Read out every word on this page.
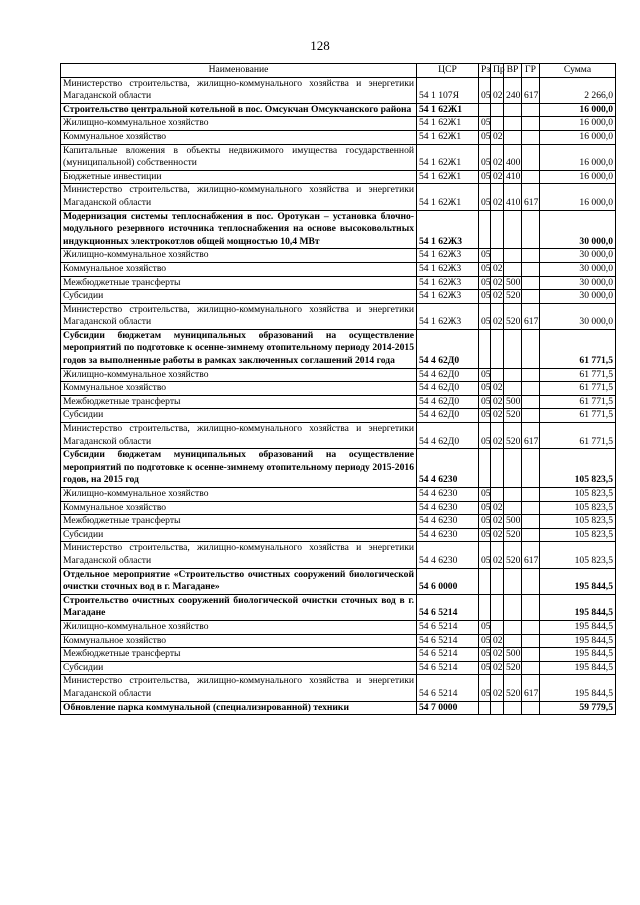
128
Наименование	ЦСР	Рз	Пр	ВР	ГР	Сумма
Министерство строительства, жилищно-коммунального хозяйства и энергетики Магаданской области	54 1 107Я	05	02	240	617	2 266,0
Строительство центральной котельной в пос. Омсукчан Омсукчанского района	54 1 62Ж1					16 000,0
Жилищно-коммунальное хозяйство	54 1 62Ж1	05				16 000,0
Коммунальное хозяйство	54 1 62Ж1	05	02			16 000,0
Капитальные вложения в объекты недвижимого имущества государственной (муниципальной) собственности	54 1 62Ж1	05	02	400		16 000,0
Бюджетные инвестиции	54 1 62Ж1	05	02	410		16 000,0
Министерство строительства, жилищно-коммунального хозяйства и энергетики Магаданской области	54 1 62Ж1	05	02	410	617	16 000,0
Модернизация системы теплоснабжения в пос. Оротукан – установка блочно-модульного резервного источника теплоснабжения на основе высоковольтных индукционных электрокотлов общей мощностью 10,4 МВт	54 1 62Ж3					30 000,0
Жилищно-коммунальное хозяйство	54 1 62Ж3	05				30 000,0
Коммунальное хозяйство	54 1 62Ж3	05	02			30 000,0
Межбюджетные трансферты	54 1 62Ж3	05	02	500		30 000,0
Субсидии	54 1 62Ж3	05	02	520		30 000,0
Министерство строительства, жилищно-коммунального хозяйства и энергетики Магаданской области	54 1 62Ж3	05	02	520	617	30 000,0
Субсидии бюджетам муниципальных образований на осуществление мероприятий по подготовке к осенне-зимнему отопительному периоду 2014-2015 годов за выполненные работы в рамках заключенных соглашений 2014 года	54 4 62Д0					61 771,5
Жилищно-коммунальное хозяйство	54 4 62Д0	05				61 771,5
Коммунальное хозяйство	54 4 62Д0	05	02			61 771,5
Межбюджетные трансферты	54 4 62Д0	05	02	500		61 771,5
Субсидии	54 4 62Д0	05	02	520		61 771,5
Министерство строительства, жилищно-коммунального хозяйства и энергетики Магаданской области	54 4 62Д0	05	02	520	617	61 771,5
Субсидии бюджетам муниципальных образований на осуществление мероприятий по подготовке к осенне-зимнему отопительному периоду 2015-2016 годов, на 2015 год	54 4 6230					105 823,5
Жилищно-коммунальное хозяйство	54 4 6230	05				105 823,5
Коммунальное хозяйство	54 4 6230	05	02			105 823,5
Межбюджетные трансферты	54 4 6230	05	02	500		105 823,5
Субсидии	54 4 6230	05	02	520		105 823,5
Министерство строительства, жилищно-коммунального хозяйства и энергетики Магаданской области	54 4 6230	05	02	520	617	105 823,5
Отдельное мероприятие «Строительство очистных сооружений биологической очистки сточных вод в г. Магадане»	54 6 0000					195 844,5
Строительство очистных сооружений биологической очистки сточных вод в г. Магадане	54 6 5214					195 844,5
Жилищно-коммунальное хозяйство	54 6 5214	05				195 844,5
Коммунальное хозяйство	54 6 5214	05	02			195 844,5
Межбюджетные трансферты	54 6 5214	05	02	500		195 844,5
Субсидии	54 6 5214	05	02	520		195 844,5
Министерство строительства, жилищно-коммунального хозяйства и энергетики Магаданской области	54 6 5214	05	02	520	617	195 844,5
Обновление парка коммунальной (специализированной) техники	54 7 0000					59 779,5
